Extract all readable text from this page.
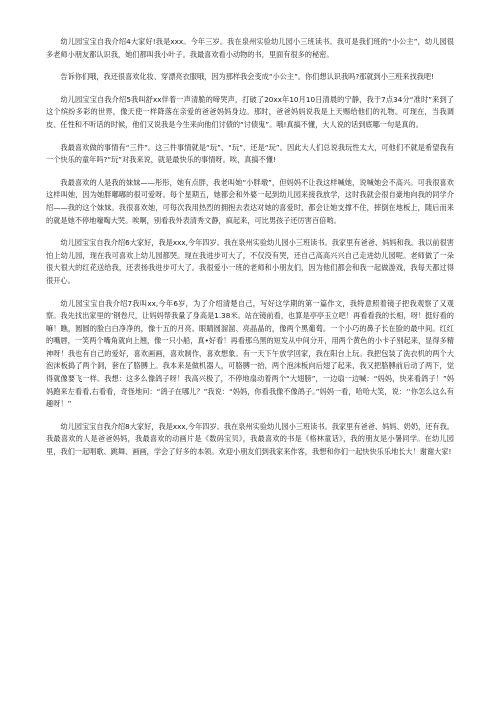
幼儿园宝宝自我介绍4大家好!我是xxx。今年三岁。我在泉州实验幼儿园小三班读书。我可是我们班的“小公主”，幼儿园很多老师小朋友都认识我，她们都叫我小叶子。我最喜欢看小动物的书，里面有很多的秘密。

告诉你们哦，我还很喜欢化妆、穿漂亮衣服哦，因为那样我会变成“小公主”。你们想认识我吗?那就到小三班来找我吧!

幼儿园宝宝自我介绍5我叫舒xx伴着一声清脆的啼哭声，打破了20xx年10月10日清晨的宁静，我于7点34分“准时”来到了这个缤纷多彩的世界，像天使一样降落在亲爱的爸爸妈妈身边。那时，爸爸妈妈说我是上天赐给他们的礼物。可现在，当我调皮、任性和不听话的时候，他们又说我是今生来向他们讨债的“讨债鬼”。哦!真搞不懂，大人说的话到底哪一句是真的。

我最喜欢做的事情有“三件”。这三件事情就是“玩”、“玩”、还是“玩”。因此大人们总说我玩性太大，可他们不就是希望我有一个快乐的童年吗?“玩”对我来说，就是最快乐的事情呀。唉，真搞不懂!

我最喜欢的人是我的妹妹——彤彤，她有点胖，我老叫她“小胖墩”，但妈妈不让我这样喊她，说喊她会不高兴。可我很喜欢这样叫她，因为她胖嘟嘟的很可爱呀。每个星期五，她都会和外婆一起到幼儿园来接我放学，这时我就会很自豪地向我的同学介绍——我的这个妹妹。我很喜欢她，可每次我用热烈的拥抱去表达对她的喜爱时，都会让她支撑不住，摔倒在地板上，随后而来的就是她不停地嚎啕大哭。唉啊，别看我外表清秀文静，疯起来，可比男孩子还厉害百倍哟。

幼儿园宝宝自我介绍6大家好，我是xxx,今年四岁。我在泉州实验幼儿园小三班读书。我家里有爸爸、妈妈和我。我以前很害怕上幼儿园，现在我可喜欢上幼儿园都哭。现在我进步可大了，不仅没有哭，还自己高高兴兴自己走进幼儿园呢。老师做了一朵很大很大的红花送给我，还表扬我进步可大了。我很爱小一班的老师和小朋友们，因为他们都会和我一起做游戏，我每天都过得很开心。

幼儿园宝宝自我介绍7我叫xx,今年6岁，为了介绍清楚自己，写好这学期的第一篇作文，我特意照着镜子把我观察了又观察。我先找出家里的’钢卷尺，让妈妈帮我量了身高是1.38米。站在镜前看，也算是亭亭玉立吧！再看看我的长相，呀！挺好看的嘛！瞧，圆圆的脸白白净净的，像十五的月亮。眼睛圆溜溜、亮晶晶的，像两个黑葡萄。一个小巧的鼻子长在脸的最中间。红红的嘴唇，一笑两个嘴角就向上翘，像一只小船，真•好看！再看那乌黑的短发从中间分开，用两个黄色的小卡子别起来，显得多精神呀！我也有自己的爱好，喜欢画画，喜欢制作，喜欢想象。有一天下午放学回家，我在阳台上玩。我把包装了洗衣机的两个大泡沫板捣了两个洞，套在了胳膊上。我本来是做机器人，可胳膊一抬，两个泡沫板向后翅了起来，我又把胳膊前后动了两下，觉得就像要飞一样。我想：这多么像鸽子呀！我高兴极了，不停地扇动着两个“大翅膀”，一边扇一边喊：“妈妈，快来看鸽子！”妈妈跑来左看看,右看看，奇怪地问：“鸽子在哪儿？”我说：“妈妈，你看我像不像鸽子。”妈妈一看，哈哈大笑，说：‘‘你怎么这么有趣呀！”

幼儿园宝宝自我介绍8大家好，我是xxx,今年四岁。我在泉州实验幼儿园小三班读书。我家里有爸爸、妈妈、奶奶，还有我。我最喜欢的人是爸爸妈妈，我最喜欢的动画片是《数码宝贝》，我最喜欢的书是《格林童话》，我的朋友是小暑同学。在幼儿园里，我们一起唱歌、跳舞、画画，学会了好多的本领。欢迎小朋友们到我家来作客，我想和你们一起快快乐乐地长大！谢谢大家!
